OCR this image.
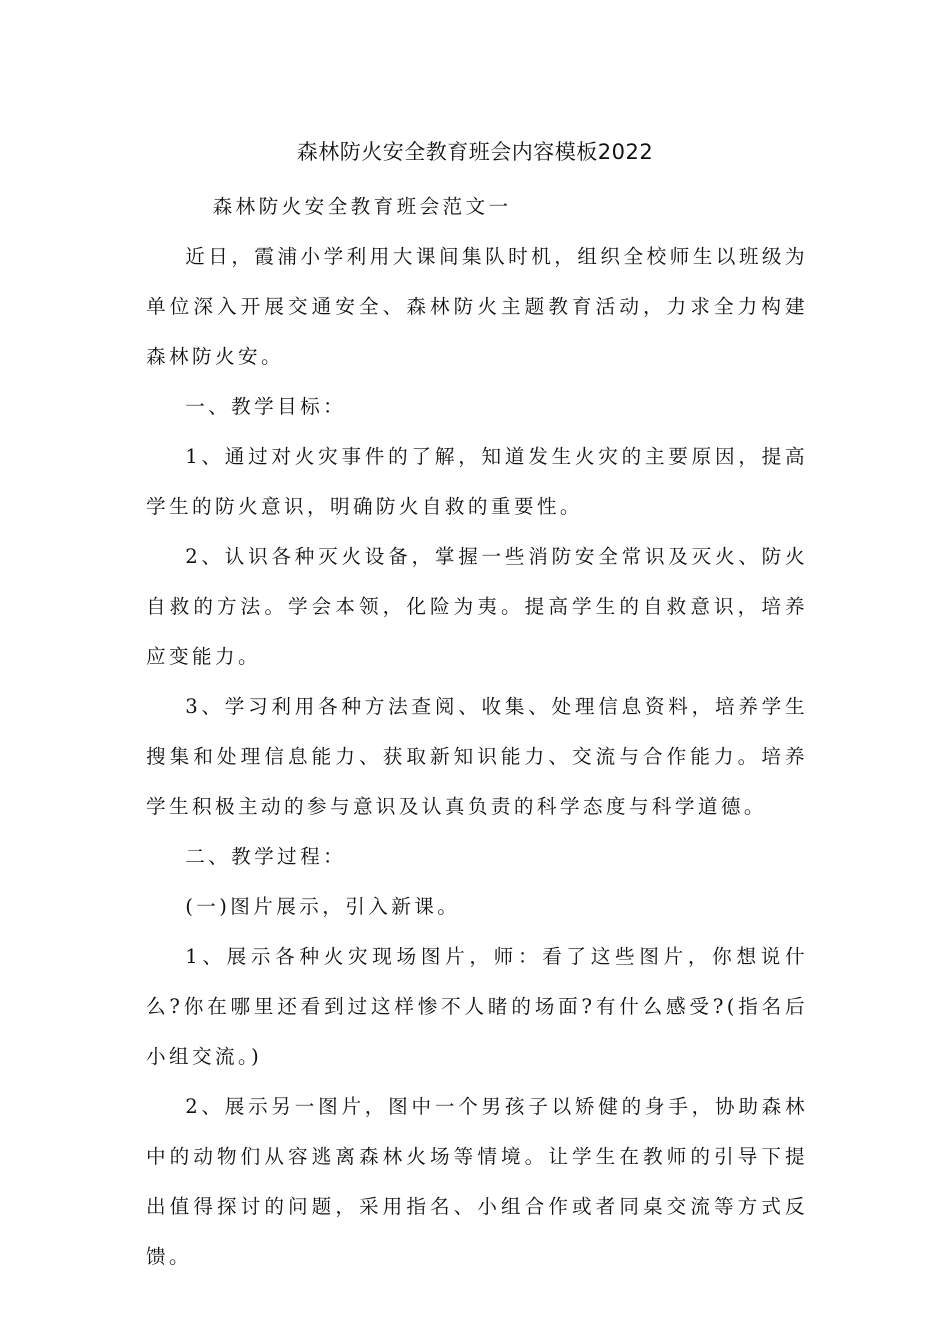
森林防火安全教育班会内容模板2022

森林防火安全教育班会范文一

近日，霞浦小学利用大课间集队时机，组织全校师生以班级为单位深入开展交通安全、森林防火主题教育活动，力求全力构建森林防火安。

一、教学目标：

1、通过对火灾事件的了解，知道发生火灾的主要原因，提高学生的防火意识，明确防火自救的重要性。

2、认识各种灭火设备，掌握一些消防安全常识及灭火、防火自救的方法。学会本领，化险为夷。提高学生的自救意识，培养应变能力。

3、学习利用各种方法查阅、收集、处理信息资料，培养学生搜集和处理信息能力、获取新知识能力、交流与合作能力。培养学生积极主动的参与意识及认真负责的科学态度与科学道德。

二、教学过程：

(一)图片展示，引入新课。

1、展示各种火灾现场图片，师：看了这些图片，你想说什么?你在哪里还看到过这样惨不人睹的场面?有什么感受?(指名后小组交流。)

2、展示另一图片，图中一个男孩子以矫健的身手，协助森林中的动物们从容逃离森林火场等情境。让学生在教师的引导下提出值得探讨的问题，采用指名、小组合作或者同桌交流等方式反馈。
